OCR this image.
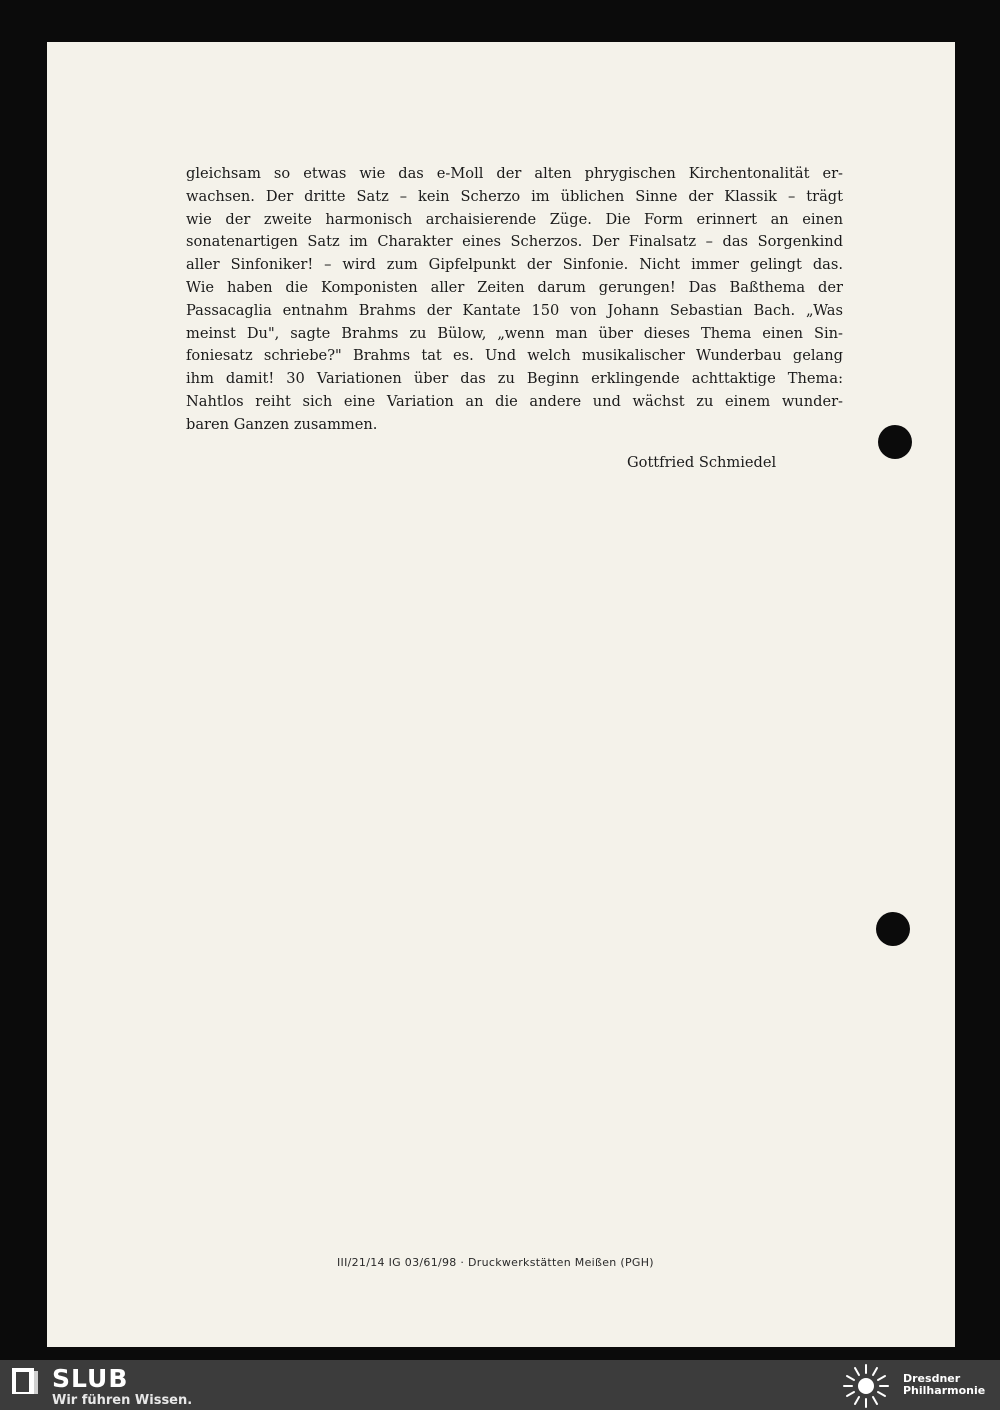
gleichsam so etwas wie das e-Moll der alten phrygischen Kirchentonalität er-
wachsen. Der dritte Satz – kein Scherzo im üblichen Sinne der Klassik – trägt
wie der zweite harmonisch archaisierende Züge. Die Form erinnert an einen
sonatenartigen Satz im Charakter eines Scherzos. Der Finalsatz – das Sorgenkind
aller Sinfoniker! – wird zum Gipfelpunkt der Sinfonie. Nicht immer gelingt das.
Wie haben die Komponisten aller Zeiten darum gerungen! Das Baßthema der
Passacaglia entnahm Brahms der Kantate 150 von Johann Sebastian Bach. „Was
meinst Du", sagte Brahms zu Bülow, „wenn man über dieses Thema einen Sin-
foniesatz schriebe?" Brahms tat es. Und welch musikalischer Wunderbau gelang
ihm damit! 30 Variationen über das zu Beginn erklingende achttaktige Thema:
Nahtlos reiht sich eine Variation an die andere und wächst zu einem wunder-
baren Ganzen zusammen.
Gottfried Schmiedel
III/21/14 IG 03/61/98 · Druckwerkstätten Meißen (PGH)
SLUB
Wir führen Wissen.
Dresdner
Philharmonie
